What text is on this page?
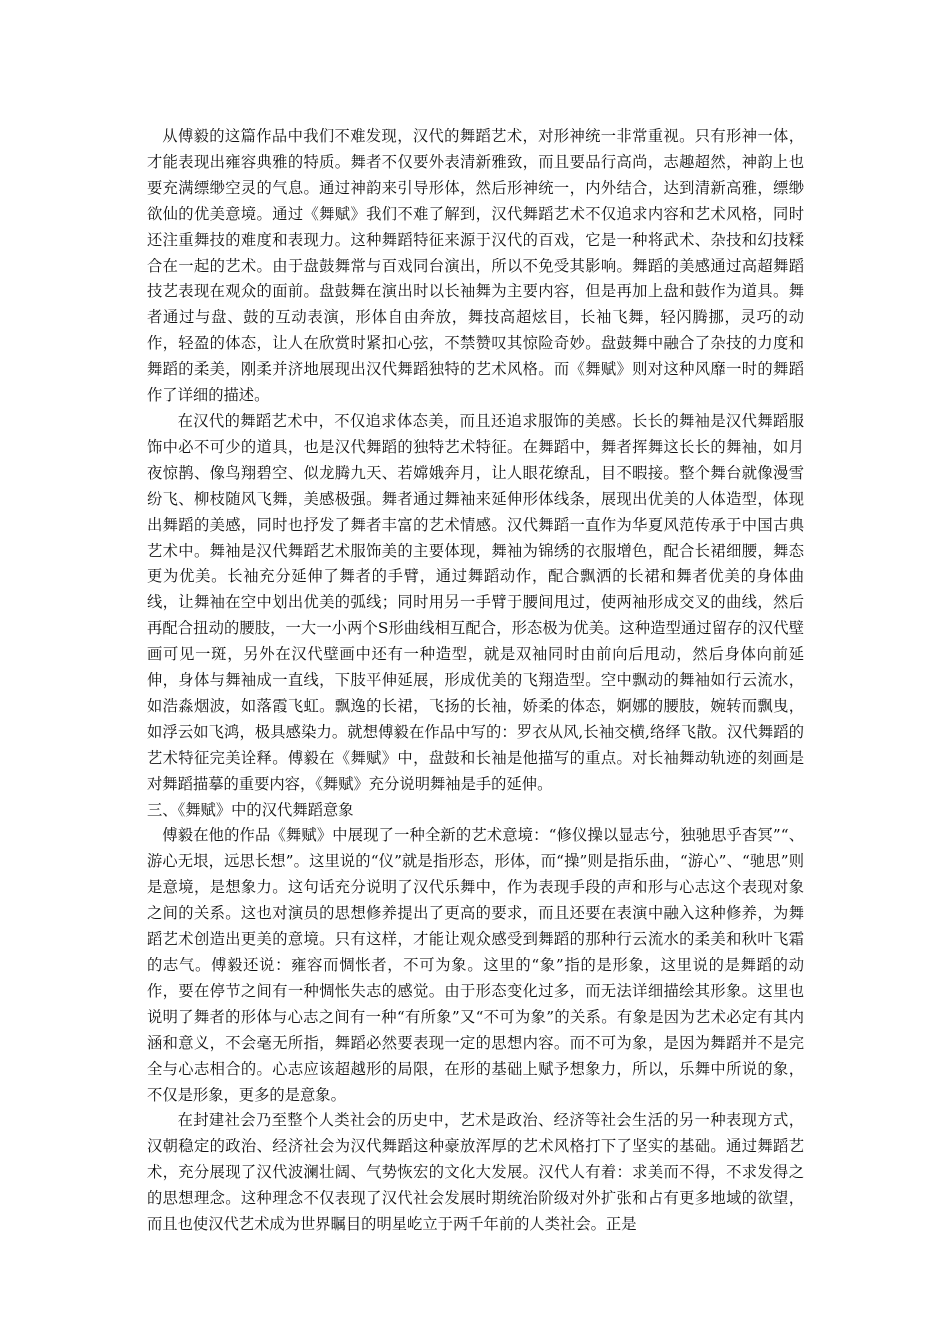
从傅毅的这篇作品中我们不难发现，汉代的舞蹈艺术，对形神统一非常重视。只有形神一体，才能表现出雍容典雅的特质。舞者不仅要外表清新雅致，而且要品行高尚，志趣超然，神韵上也要充满缥缈空灵的气息。通过神韵来引导形体，然后形神统一，内外结合，达到清新高雅，缥缈欲仙的优美意境。通过《舞赋》我们不难了解到，汉代舞蹈艺术不仅追求内容和艺术风格，同时还注重舞技的难度和表现力。这种舞蹈特征来源于汉代的百戏，它是一种将武术、杂技和幻技糅合在一起的艺术。由于盘鼓舞常与百戏同台演出，所以不免受其影响。舞蹈的美感通过高超舞蹈技艺表现在观众的面前。盘鼓舞在演出时以长袖舞为主要内容，但是再加上盘和鼓作为道具。舞者通过与盘、鼓的互动表演，形体自由奔放，舞技高超炫目，长袖飞舞，轻闪腾挪，灵巧的动作，轻盈的体态，让人在欣赏时紧扣心弦，不禁赞叹其惊险奇妙。盘鼓舞中融合了杂技的力度和舞蹈的柔美，刚柔并济地展现出汉代舞蹈独特的艺术风格。而《舞赋》则对这种风靡一时的舞蹈作了详细的描述。

在汉代的舞蹈艺术中，不仅追求体态美，而且还追求服饰的美感。长长的舞袖是汉代舞蹈服饰中必不可少的道具，也是汉代舞蹈的独特艺术特征。在舞蹈中，舞者挥舞这长长的舞袖，如月夜惊鹊、像鸟翔碧空、似龙腾九天、若嫦娥奔月，让人眼花缭乱，目不暇接。整个舞台就像漫雪纷飞、柳枝随风飞舞，美感极强。舞者通过舞袖来延伸形体线条，展现出优美的人体造型，体现出舞蹈的美感，同时也抒发了舞者丰富的艺术情感。汉代舞蹈一直作为华夏风范传承于中国古典艺术中。舞袖是汉代舞蹈艺术服饰美的主要体现，舞袖为锦绣的衣服增色，配合长裙细腰，舞态更为优美。长袖充分延伸了舞者的手臂，通过舞蹈动作，配合飘洒的长裙和舞者优美的身体曲线，让舞袖在空中划出优美的弧线；同时用另一手臂于腰间甩过，使两袖形成交叉的曲线，然后再配合扭动的腰肢，一大一小两个S形曲线相互配合，形态极为优美。这种造型通过留存的汉代壁画可见一斑，另外在汉代壁画中还有一种造型，就是双袖同时由前向后甩动，然后身体向前延伸，身体与舞袖成一直线，下肢平伸延展，形成优美的飞翔造型。空中飘动的舞袖如行云流水，如浩淼烟波，如落霞飞虹。飘逸的长裙，飞扬的长袖，娇柔的体态，婀娜的腰肢，婉转而飘曳，如浮云如飞鸿，极具感染力。就想傅毅在作品中写的：罗衣从风,长袖交横,络绎飞散。汉代舞蹈的艺术特征完美诠释。傅毅在《舞赋》中，盘鼓和长袖是他描写的重点。对长袖舞动轨迹的刻画是对舞蹈描摹的重要内容，《舞赋》充分说明舞袖是手的延伸。

三、《舞赋》中的汉代舞蹈意象

傅毅在他的作品《舞赋》中展现了一种全新的艺术意境：“修仪操以显志兮，独驰思乎杳冥”“、游心无垠，远思长想”。这里说的“仪”就是指形态，形体，而“操”则是指乐曲，“游心”、“驰思”则是意境，是想象力。这句话充分说明了汉代乐舞中，作为表现手段的声和形与心志这个表现对象之间的关系。这也对演员的思想修养提出了更高的要求，而且还要在表演中融入这种修养，为舞蹈艺术创造出更美的意境。只有这样，才能让观众感受到舞蹈的那种行云流水的柔美和秋叶飞霜的志气。傅毅还说：雍容而惆怅者，不可为象。这里的“象”指的是形象，这里说的是舞蹈的动作，要在停节之间有一种惆怅失志的感觉。由于形态变化过多，而无法详细描绘其形象。这里也说明了舞者的形体与心志之间有一种“有所象”又“不可为象”的关系。有象是因为艺术必定有其内涵和意义，不会毫无所指，舞蹈必然要表现一定的思想内容。而不可为象，是因为舞蹈并不是完全与心志相合的。心志应该超越形的局限，在形的基础上赋予想象力，所以，乐舞中所说的象，不仅是形象，更多的是意象。

在封建社会乃至整个人类社会的历史中，艺术是政治、经济等社会生活的另一种表现方式，汉朝稳定的政治、经济社会为汉代舞蹈这种豪放浑厚的艺术风格打下了坚实的基础。通过舞蹈艺术，充分展现了汉代波澜壮阔、气势恢宏的文化大发展。汉代人有着：求美而不得，不求发得之的思想理念。这种理念不仅表现了汉代社会发展时期统治阶级对外扩张和占有更多地域的欲望，而且也使汉代艺术成为世界瞩目的明星屹立于两千年前的人类社会。正是
